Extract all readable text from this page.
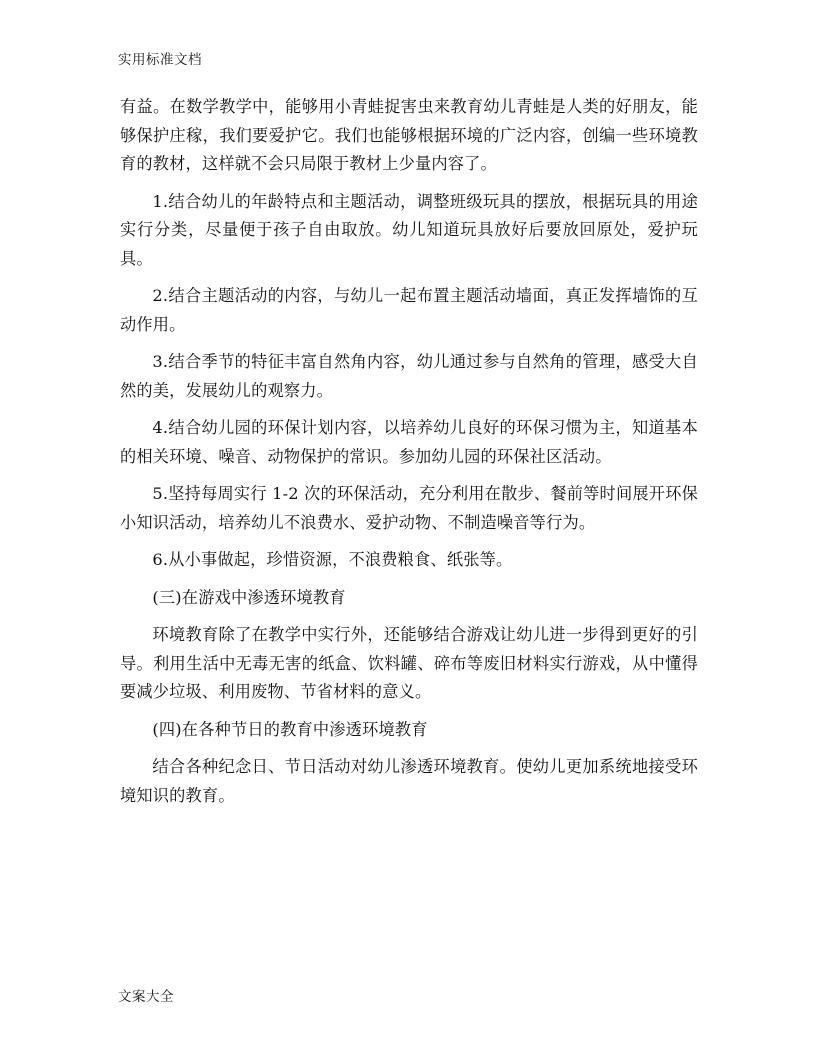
实用标准文档

有益。在数学教学中，能够用小青蛙捉害虫来教育幼儿青蛙是人类的好朋友，能够保护庄稼，我们要爱护它。我们也能够根据环境的广泛内容，创编一些环境教育的教材，这样就不会只局限于教材上少量内容了。

1.结合幼儿的年龄特点和主题活动，调整班级玩具的摆放，根据玩具的用途实行分类，尽量便于孩子自由取放。幼儿知道玩具放好后要放回原处，爱护玩具。

2.结合主题活动的内容，与幼儿一起布置主题活动墙面，真正发挥墙饰的互动作用。

3.结合季节的特征丰富自然角内容，幼儿通过参与自然角的管理，感受大自然的美，发展幼儿的观察力。

4.结合幼儿园的环保计划内容，以培养幼儿良好的环保习惯为主，知道基本的相关环境、噪音、动物保护的常识。参加幼儿园的环保社区活动。

5.坚持每周实行 1-2 次的环保活动，充分利用在散步、餐前等时间展开环保小知识活动，培养幼儿不浪费水、爱护动物、不制造噪音等行为。

6.从小事做起，珍惜资源，不浪费粮食、纸张等。

(三)在游戏中渗透环境教育

环境教育除了在教学中实行外，还能够结合游戏让幼儿进一步得到更好的引导。利用生活中无毒无害的纸盒、饮料罐、碎布等废旧材料实行游戏，从中懂得要减少垃圾、利用废物、节省材料的意义。

(四)在各种节日的教育中渗透环境教育

结合各种纪念日、节日活动对幼儿渗透环境教育。使幼儿更加系统地接受环境知识的教育。

文案大全
